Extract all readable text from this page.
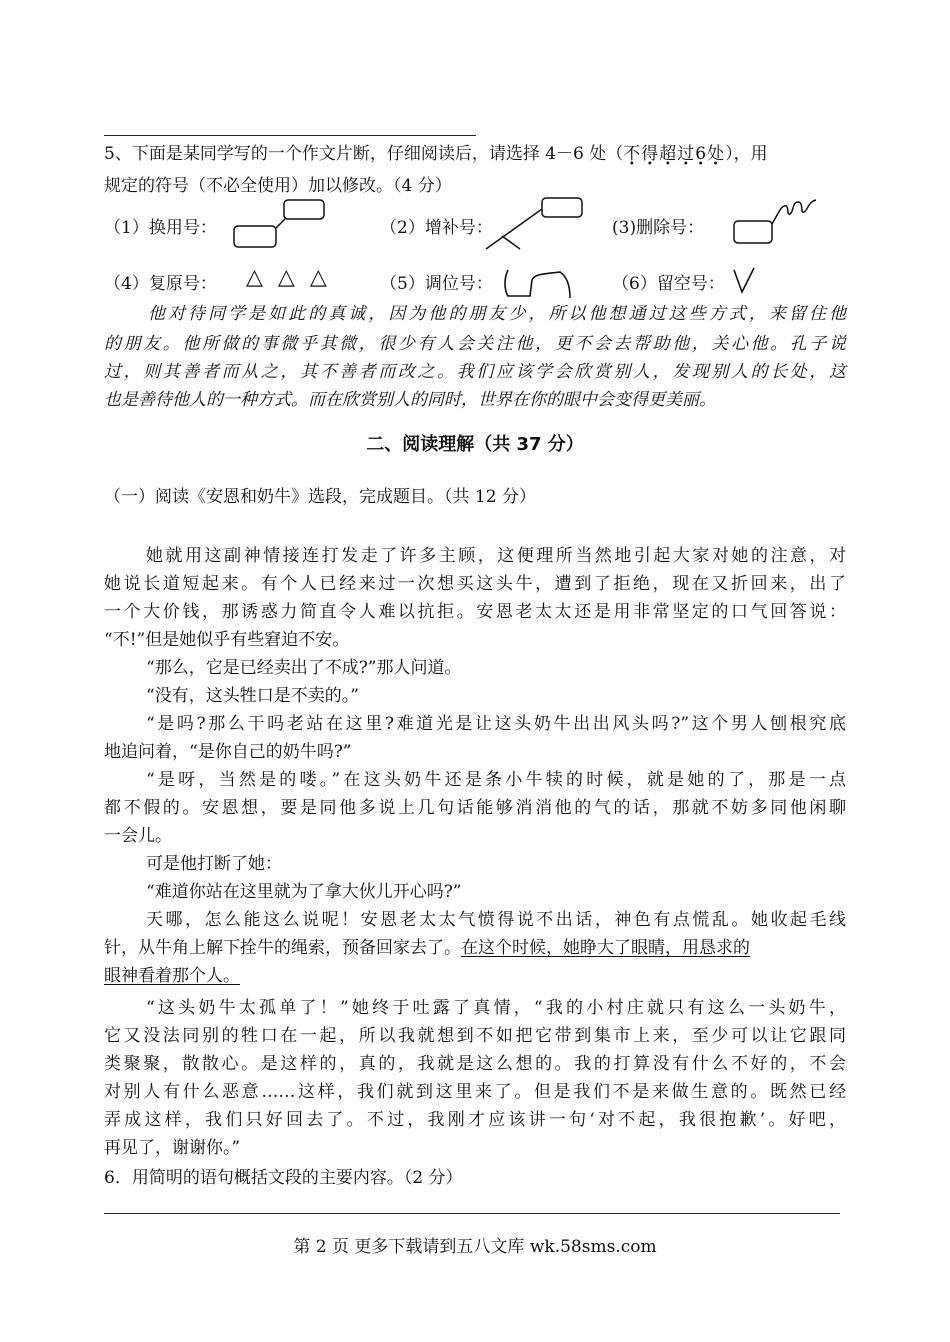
5、下面是某同学写的一个作文片断，仔细阅读后，请选择 4－6 处（不得超过6 •处），用
规定的符号（不必全使用）加以修改。（4 分）
（1）换用号：	（2）增补号：	(3)删除号：
（4）复原号： △ △ △	（5）调位号：	（6）留空号：
他对待同学是如此的真诚，因为他的朋友少，所以他想通过这些方式，来留住他
的朋友。他所做的事微乎其微，很少有人会关注他，更不会去帮助他，关心他。孔子说
过，则其善者而从之，其不善者而改之。我们应该学会欣赏别人，发现别人的长处，这
也是善待他人的一种方式。而在欣赏别人的同时，世界在你的眼中会变得更美丽。
二、阅读理解（共 37 分）
（一）阅读《安恩和奶牛》选段，完成题目。（共 12 分）
她就用这副神情接连打发走了许多主顾，这便理所当然地引起大家对她的注意，对
她说长道短起来。有个人已经来过一次想买这头牛，遭到了拒绝，现在又折回来，出了
一个大价钱，那诱惑力简直令人难以抗拒。安恩老太太还是用非常坚定的口气回答说：
“不!”但是她似乎有些窘迫不安。
“那么，它是已经卖出了不成?”那人问道。
“没有，这头牲口是不卖的。”
“是吗?那么干吗老站在这里?难道光是让这头奶牛出出风头吗?”这个男人刨根究底
地追问着，“是你自己的奶牛吗?”
“是呀，当然是的喽。”在这头奶牛还是条小牛犊的时候，就是她的了，那是一点
都不假的。安恩想，要是同他多说上几句话能够消消他的气的话，那就不妨多同他闲聊
一会儿。
可是他打断了她：
“难道你站在这里就为了拿大伙儿开心吗?”
天哪，怎么能这么说呢！安恩老太太气愤得说不出话，神色有点慌乱。她收起毛线
针，从牛角上解下拴牛的绳索，预备回家去了。在这个时候，她睁大了眼睛，用恳求的
眼神看着那个人。
“这头奶牛太孤单了！”她终于吐露了真情，“我的小村庄就只有这么一头奶牛，
它又没法同别的牲口在一起，所以我就想到不如把它带到集市上来，至少可以让它跟同
类聚聚，散散心。是这样的，真的，我就是这么想的。我的打算没有什么不好的，不会
对别人有什么恶意……这样，我们就到这里来了。但是我们不是来做生意的。既然已经
弄成这样，我们只好回去了。不过，我刚才应该讲一句‘对不起，我很抱歉’。好吧，
再见了，谢谢你。”
6．用简明的语句概括文段的主要内容。（2 分）
第 2 页 更多下载请到五八文库 wk.58sms.com
